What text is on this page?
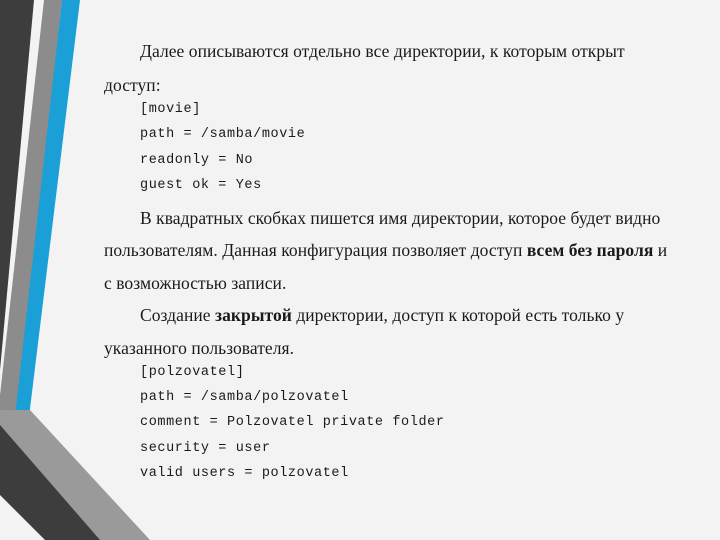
Далее описываются отдельно все директории, к которым открыт
доступ:
[movie]
path = /samba/movie
readonly = No
guest ok = Yes
В квадратных скобках пишется имя директории, которое будет видно
пользователям. Данная конфигурация позволяет доступ всем без пароля и
с возможностью записи.
Создание закрытой директории, доступ к которой есть только у
указанного пользователя.
[polzovatel]
path = /samba/polzovatel
comment = Polzovatel private folder
security = user
valid users = polzovatel
